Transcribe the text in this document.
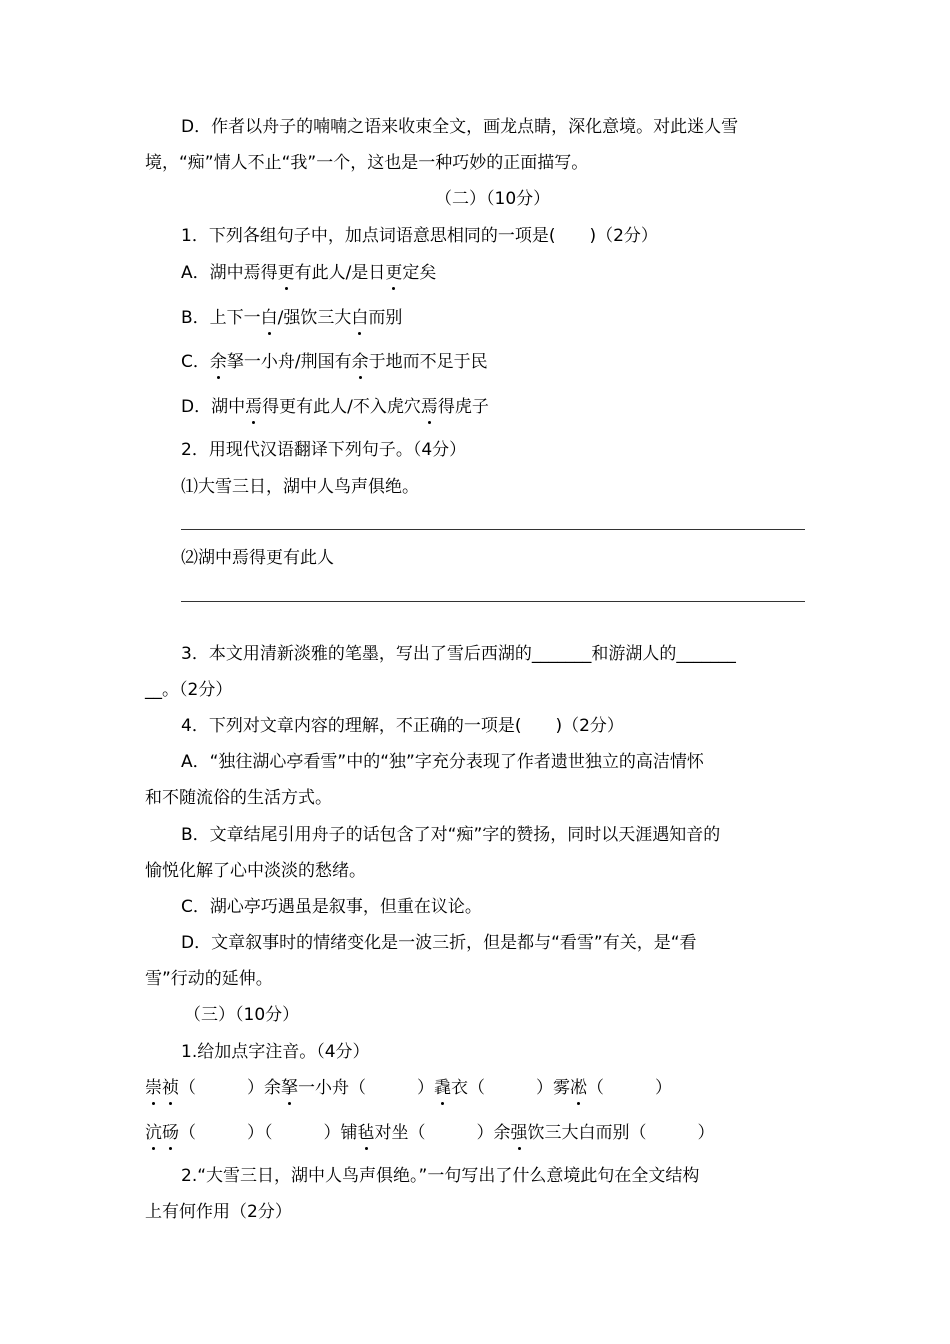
D．作者以舟子的喃喃之语来收束全文，画龙点睛，深化意境。对此迷人雪
境，“痴”情人不止“我”一个，这也是一种巧妙的正面描写。
（二）（10分）
1．下列各组句子中，加点词语意思相同的一项是(　　)（2分）
A．湖中焉得更有此人/是日更定矣
B．上下一白/强饮三大白而别
C．余拏一小舟/荆国有余于地而不足于民
D．湖中焉得更有此人/不入虎穴焉得虎子
2．用现代汉语翻译下列句子。（4分）
⑴大雪三日，湖中人鸟声俱绝。
⑵湖中焉得更有此人
3．本文用清新淡雅的笔墨，写出了雪后西湖的_______和游湖人的_______
__。（2分）
4．下列对文章内容的理解，不正确的一项是(　　)（2分）
A．“独往湖心亭看雪”中的“独”字充分表现了作者遗世独立的高洁情怀
和不随流俗的生活方式。
B．文章结尾引用舟子的话包含了对“痴”字的赞扬，同时以天涯遇知音的
愉悦化解了心中淡淡的愁绪。
C．湖心亭巧遇虽是叙事，但重在议论。
D．文章叙事时的情绪变化是一波三折，但是都与“看雪”有关，是“看
雪”行动的延伸。
（三）（10分）
1.给加点字注音。（4分）
崇祯（　　　）余拏一小舟（　　　）毳衣（　　　）雾凇（　　　）
沆砀（　　　）（　　　）铺毡对坐（　　　）余强饮三大白而别（　　　）
2.“大雪三日，湖中人鸟声俱绝。”一句写出了什么意境此句在全文结构
上有何作用（2分）
